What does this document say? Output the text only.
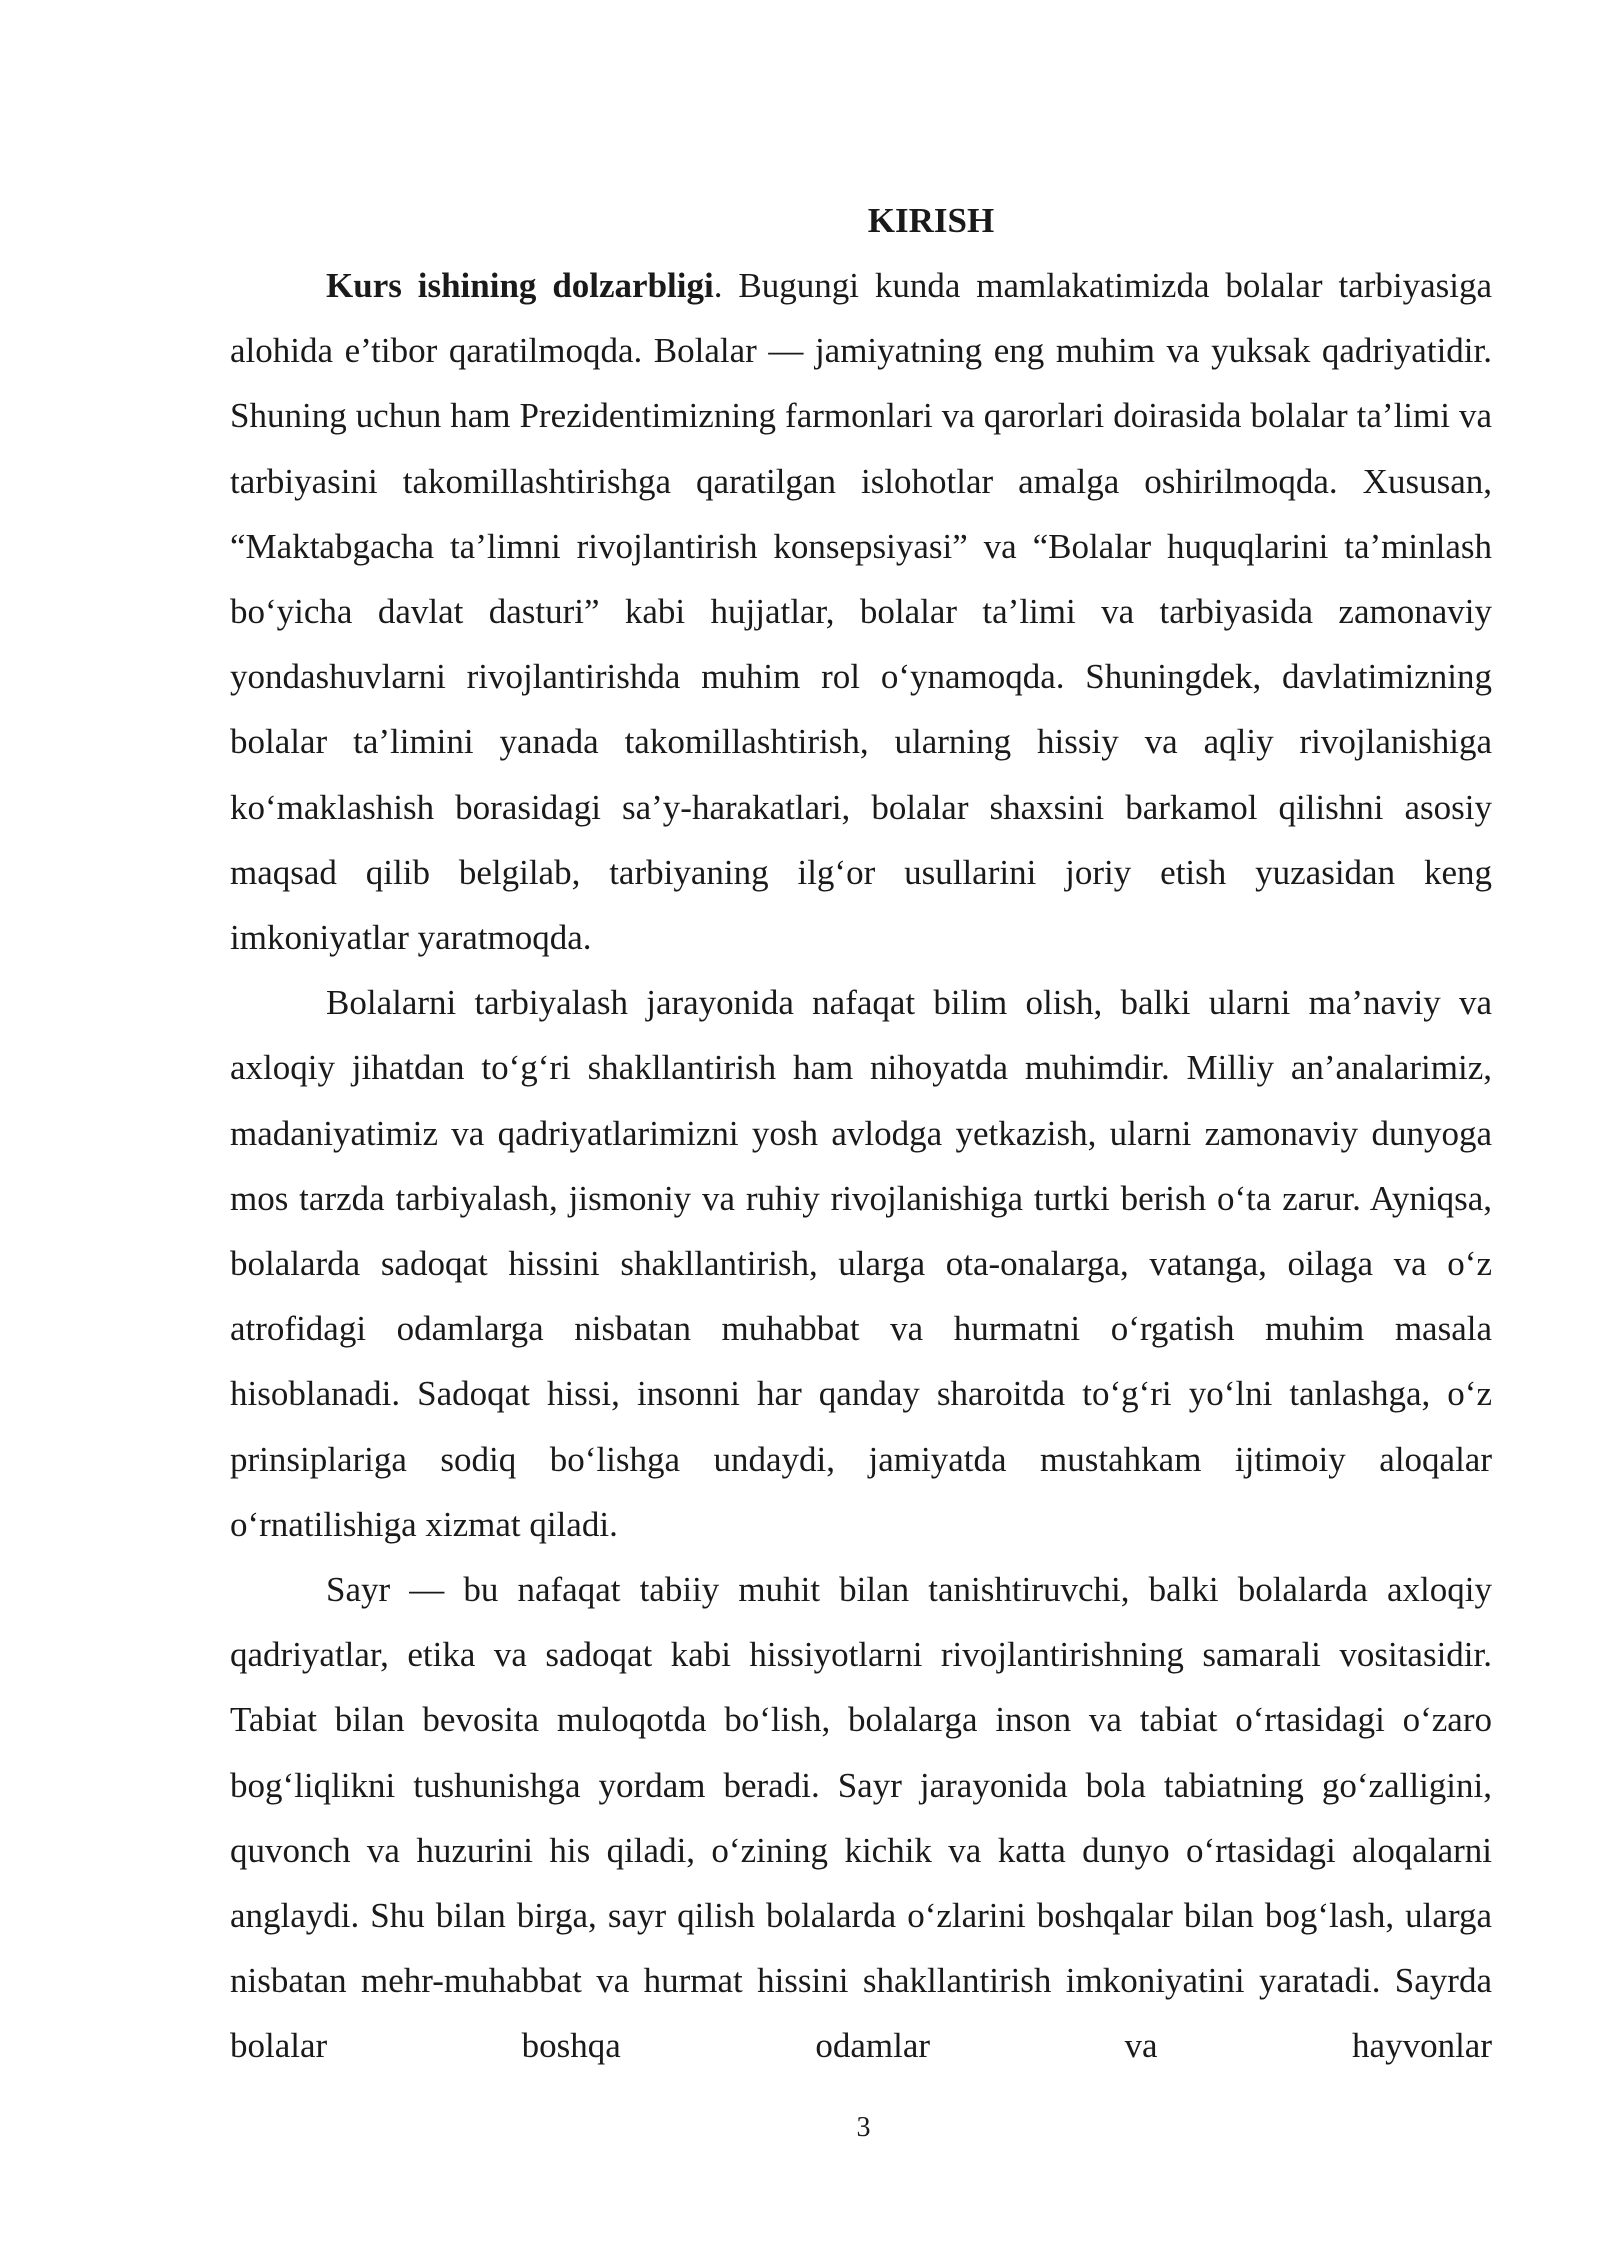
KIRISH

Kurs ishining dolzarbligi. Bugungi kunda mamlakatimizda bolalar tarbiyasiga alohida e’tibor qaratilmoqda. Bolalar — jamiyatning eng muhim va yuksak qadriyatidir. Shuning uchun ham Prezidentimizning farmonlari va qarorlari doirasida bolalar ta’limi va tarbiyasini takomillashtirishga qaratilgan islohotlar amalga oshirilmoqda. Xususan, “Maktabgacha ta’limni rivojlantirish konsepsiyasi” va “Bolalar huquqlarini ta’minlash bo‘yicha davlat dasturi” kabi hujjatlar, bolalar ta’limi va tarbiyasida zamonaviy yondashuvlarni rivojlantirishda muhim rol o‘ynamoqda. Shuningdek, davlatimizning bolalar ta’limini yanada takomillashtirish, ularning hissiy va aqliy rivojlanishiga ko‘maklashish borasidagi sa’y-harakatlari, bolalar shaxsini barkamol qilishni asosiy maqsad qilib belgilab, tarbiyaning ilg‘or usullarini joriy etish yuzasidan keng imkoniyatlar yaratmoqda.

Bolalarni tarbiyalash jarayonida nafaqat bilim olish, balki ularni ma’naviy va axloqiy jihatdan to‘g‘ri shakllantirish ham nihoyatda muhimdir. Milliy an’analarimiz, madaniyatimiz va qadriyatlarimizni yosh avlodga yetkazish, ularni zamonaviy dunyoga mos tarzda tarbiyalash, jismoniy va ruhiy rivojlanishiga turtki berish o‘ta zarur. Ayniqsa, bolalarda sadoqat hissini shakllantirish, ularga ota-onalarga, vatanga, oilaga va o‘z atrofidagi odamlarga nisbatan muhabbat va hurmatni o‘rgatish muhim masala hisoblanadi. Sadoqat hissi, insonni har qanday sharoitda to‘g‘ri yo‘lni tanlashga, o‘z prinsiplariga sodiq bo‘lishga undaydi, jamiyatda mustahkam ijtimoiy aloqalar o‘rnatilishiga xizmat qiladi.

Sayr — bu nafaqat tabiiy muhit bilan tanishtiruvchi, balki bolalarda axloqiy qadriyatlar, etika va sadoqat kabi hissiyotlarni rivojlantirishning samarali vositasidir. Tabiat bilan bevosita muloqotda bo‘lish, bolalarga inson va tabiat o‘rtasidagi o‘zaro bog‘liqlikni tushunishga yordam beradi. Sayr jarayonida bola tabiatning go‘zalligini, quvonch va huzurini his qiladi, o‘zining kichik va katta dunyo o‘rtasidagi aloqalarni anglaydi. Shu bilan birga, sayr qilish bolalarda o‘zlarini boshqalar bilan bog‘lash, ularga nisbatan mehr-muhabbat va hurmat hissini shakllantirish imkoniyatini yaratadi. Sayrda bolalar boshqa odamlar va hayvonlar

3
